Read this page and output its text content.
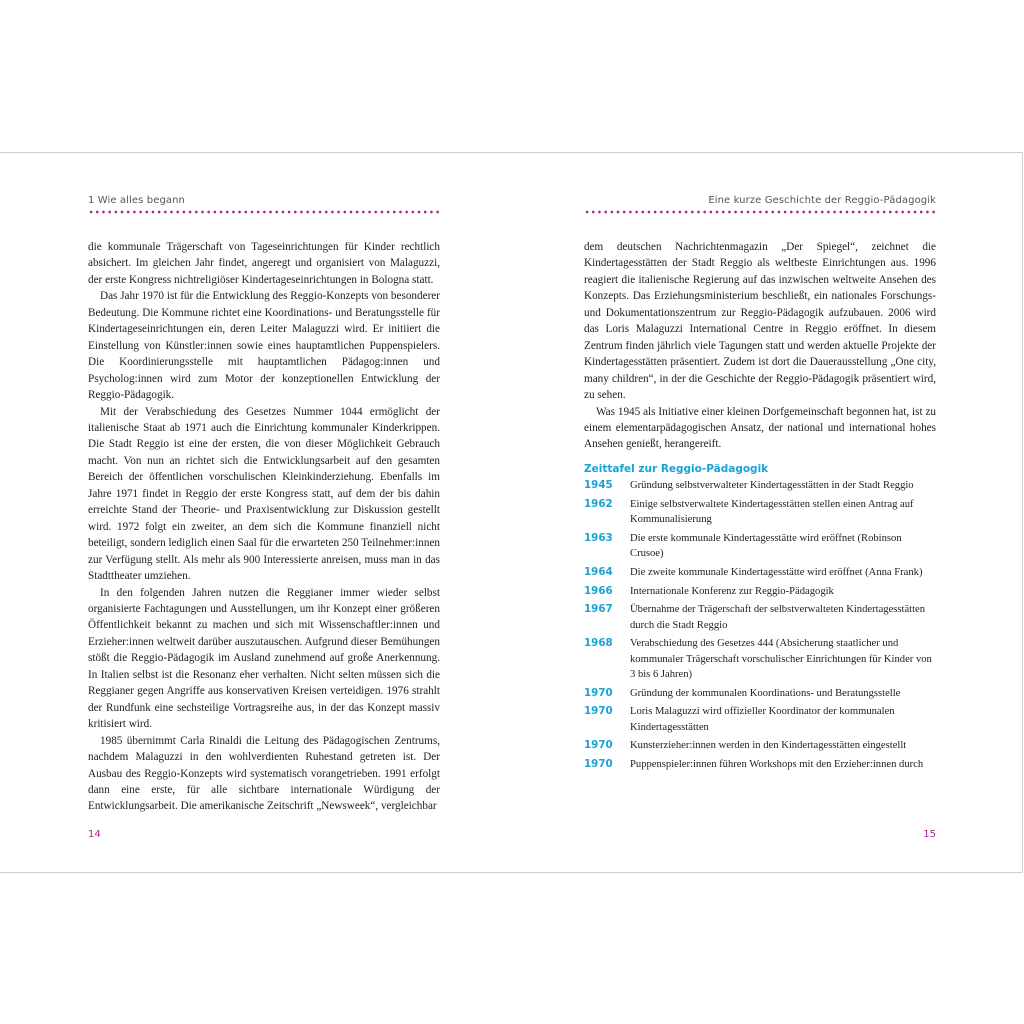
1 Wie alles begann

die kommunale Trägerschaft von Tageseinrichtungen für Kinder rechtlich absichert. Im gleichen Jahr findet, angeregt und organisiert von Malaguzzi, der erste Kongress nichtreligiöser Kindertageseinrichtungen in Bologna statt.

Das Jahr 1970 ist für die Entwicklung des Reggio-Konzepts von besonderer Bedeutung. Die Kommune richtet eine Koordinations- und Beratungsstelle für Kindertageseinrichtungen ein, deren Leiter Malaguzzi wird. Er initiiert die Einstellung von Künstler:innen sowie eines hauptamtlichen Puppenspielers. Die Koordinierungsstelle mit hauptamtlichen Pädagog:innen und Psycholog:innen wird zum Motor der konzeptionellen Entwicklung der Reggio-Pädagogik.

Mit der Verabschiedung des Gesetzes Nummer 1044 ermöglicht der italienische Staat ab 1971 auch die Einrichtung kommunaler Kinderkrippen. Die Stadt Reggio ist eine der ersten, die von dieser Möglichkeit Gebrauch macht. Von nun an richtet sich die Entwicklungsarbeit auf den gesamten Bereich der öffentlichen vorschulischen Kleinkinderziehung. Ebenfalls im Jahre 1971 findet in Reggio der erste Kongress statt, auf dem der bis dahin erreichte Stand der Theorie- und Praxisentwicklung zur Diskussion gestellt wird. 1972 folgt ein zweiter, an dem sich die Kommune finanziell nicht beteiligt, sondern lediglich einen Saal für die erwarteten 250 Teilnehmer:innen zur Verfügung stellt. Als mehr als 900 Interessierte anreisen, muss man in das Stadttheater umziehen.

In den folgenden Jahren nutzen die Reggianer immer wieder selbst organisierte Fachtagungen und Ausstellungen, um ihr Konzept einer größeren Öffentlichkeit bekannt zu machen und sich mit Wissenschaftler:innen und Erzieher:innen weltweit darüber auszutauschen. Aufgrund dieser Bemühungen stößt die Reggio-Pädagogik im Ausland zunehmend auf große Anerkennung. In Italien selbst ist die Resonanz eher verhalten. Nicht selten müssen sich die Reggianer gegen Angriffe aus konservativen Kreisen verteidigen. 1976 strahlt der Rundfunk eine sechsteilige Vortragsreihe aus, in der das Konzept massiv kritisiert wird.

1985 übernimmt Carla Rinaldi die Leitung des Pädagogischen Zentrums, nachdem Malaguzzi in den wohlverdienten Ruhestand getreten ist. Der Ausbau des Reggio-Konzepts wird systematisch vorangetrieben. 1991 erfolgt dann eine erste, für alle sichtbare internationale Würdigung der Entwicklungsarbeit. Die amerikanische Zeitschrift „Newsweek“, vergleichbar

14
Eine kurze Geschichte der Reggio-Pädagogik

dem deutschen Nachrichtenmagazin „Der Spiegel“, zeichnet die Kindertagesstätten der Stadt Reggio als weltbeste Einrichtungen aus. 1996 reagiert die italienische Regierung auf das inzwischen weltweite Ansehen des Konzepts. Das Erziehungsministerium beschließt, ein nationales Forschungs- und Dokumentationszentrum zur Reggio-Pädagogik aufzubauen. 2006 wird das Loris Malaguzzi International Centre in Reggio eröffnet. In diesem Zentrum finden jährlich viele Tagungen statt und werden aktuelle Projekte der Kindertagesstätten präsentiert. Zudem ist dort die Dauerausstellung „One city, many children“, in der die Geschichte der Reggio-Pädagogik präsentiert wird, zu sehen.

Was 1945 als Initiative einer kleinen Dorfgemeinschaft begonnen hat, ist zu einem elementarpädagogischen Ansatz, der national und international hohes Ansehen genießt, herangereift.

Zeittafel zur Reggio-Pädagogik
1945	Gründung selbstverwalteter Kindertagesstätten in der Stadt Reggio
1962	Einige selbstverwaltete Kindertagesstätten stellen einen Antrag auf Kommunalisierung
1963	Die erste kommunale Kindertagesstätte wird eröffnet (Robinson Crusoe)
1964	Die zweite kommunale Kindertagesstätte wird eröffnet (Anna Frank)
1966	Internationale Konferenz zur Reggio-Pädagogik
1967	Übernahme der Trägerschaft der selbstverwalteten Kindertagesstätten durch die Stadt Reggio
1968	Verabschiedung des Gesetzes 444 (Absicherung staatlicher und kommunaler Trägerschaft vorschulischer Einrichtungen für Kinder von 3 bis 6 Jahren)
1970	Gründung der kommunalen Koordinations- und Beratungsstelle
1970	Loris Malaguzzi wird offizieller Koordinator der kommunalen Kindertagesstätten
1970	Kunsterzieher:innen werden in den Kindertagesstätten eingestellt
1970	Puppenspieler:innen führen Workshops mit den Erzieher:innen durch
15
